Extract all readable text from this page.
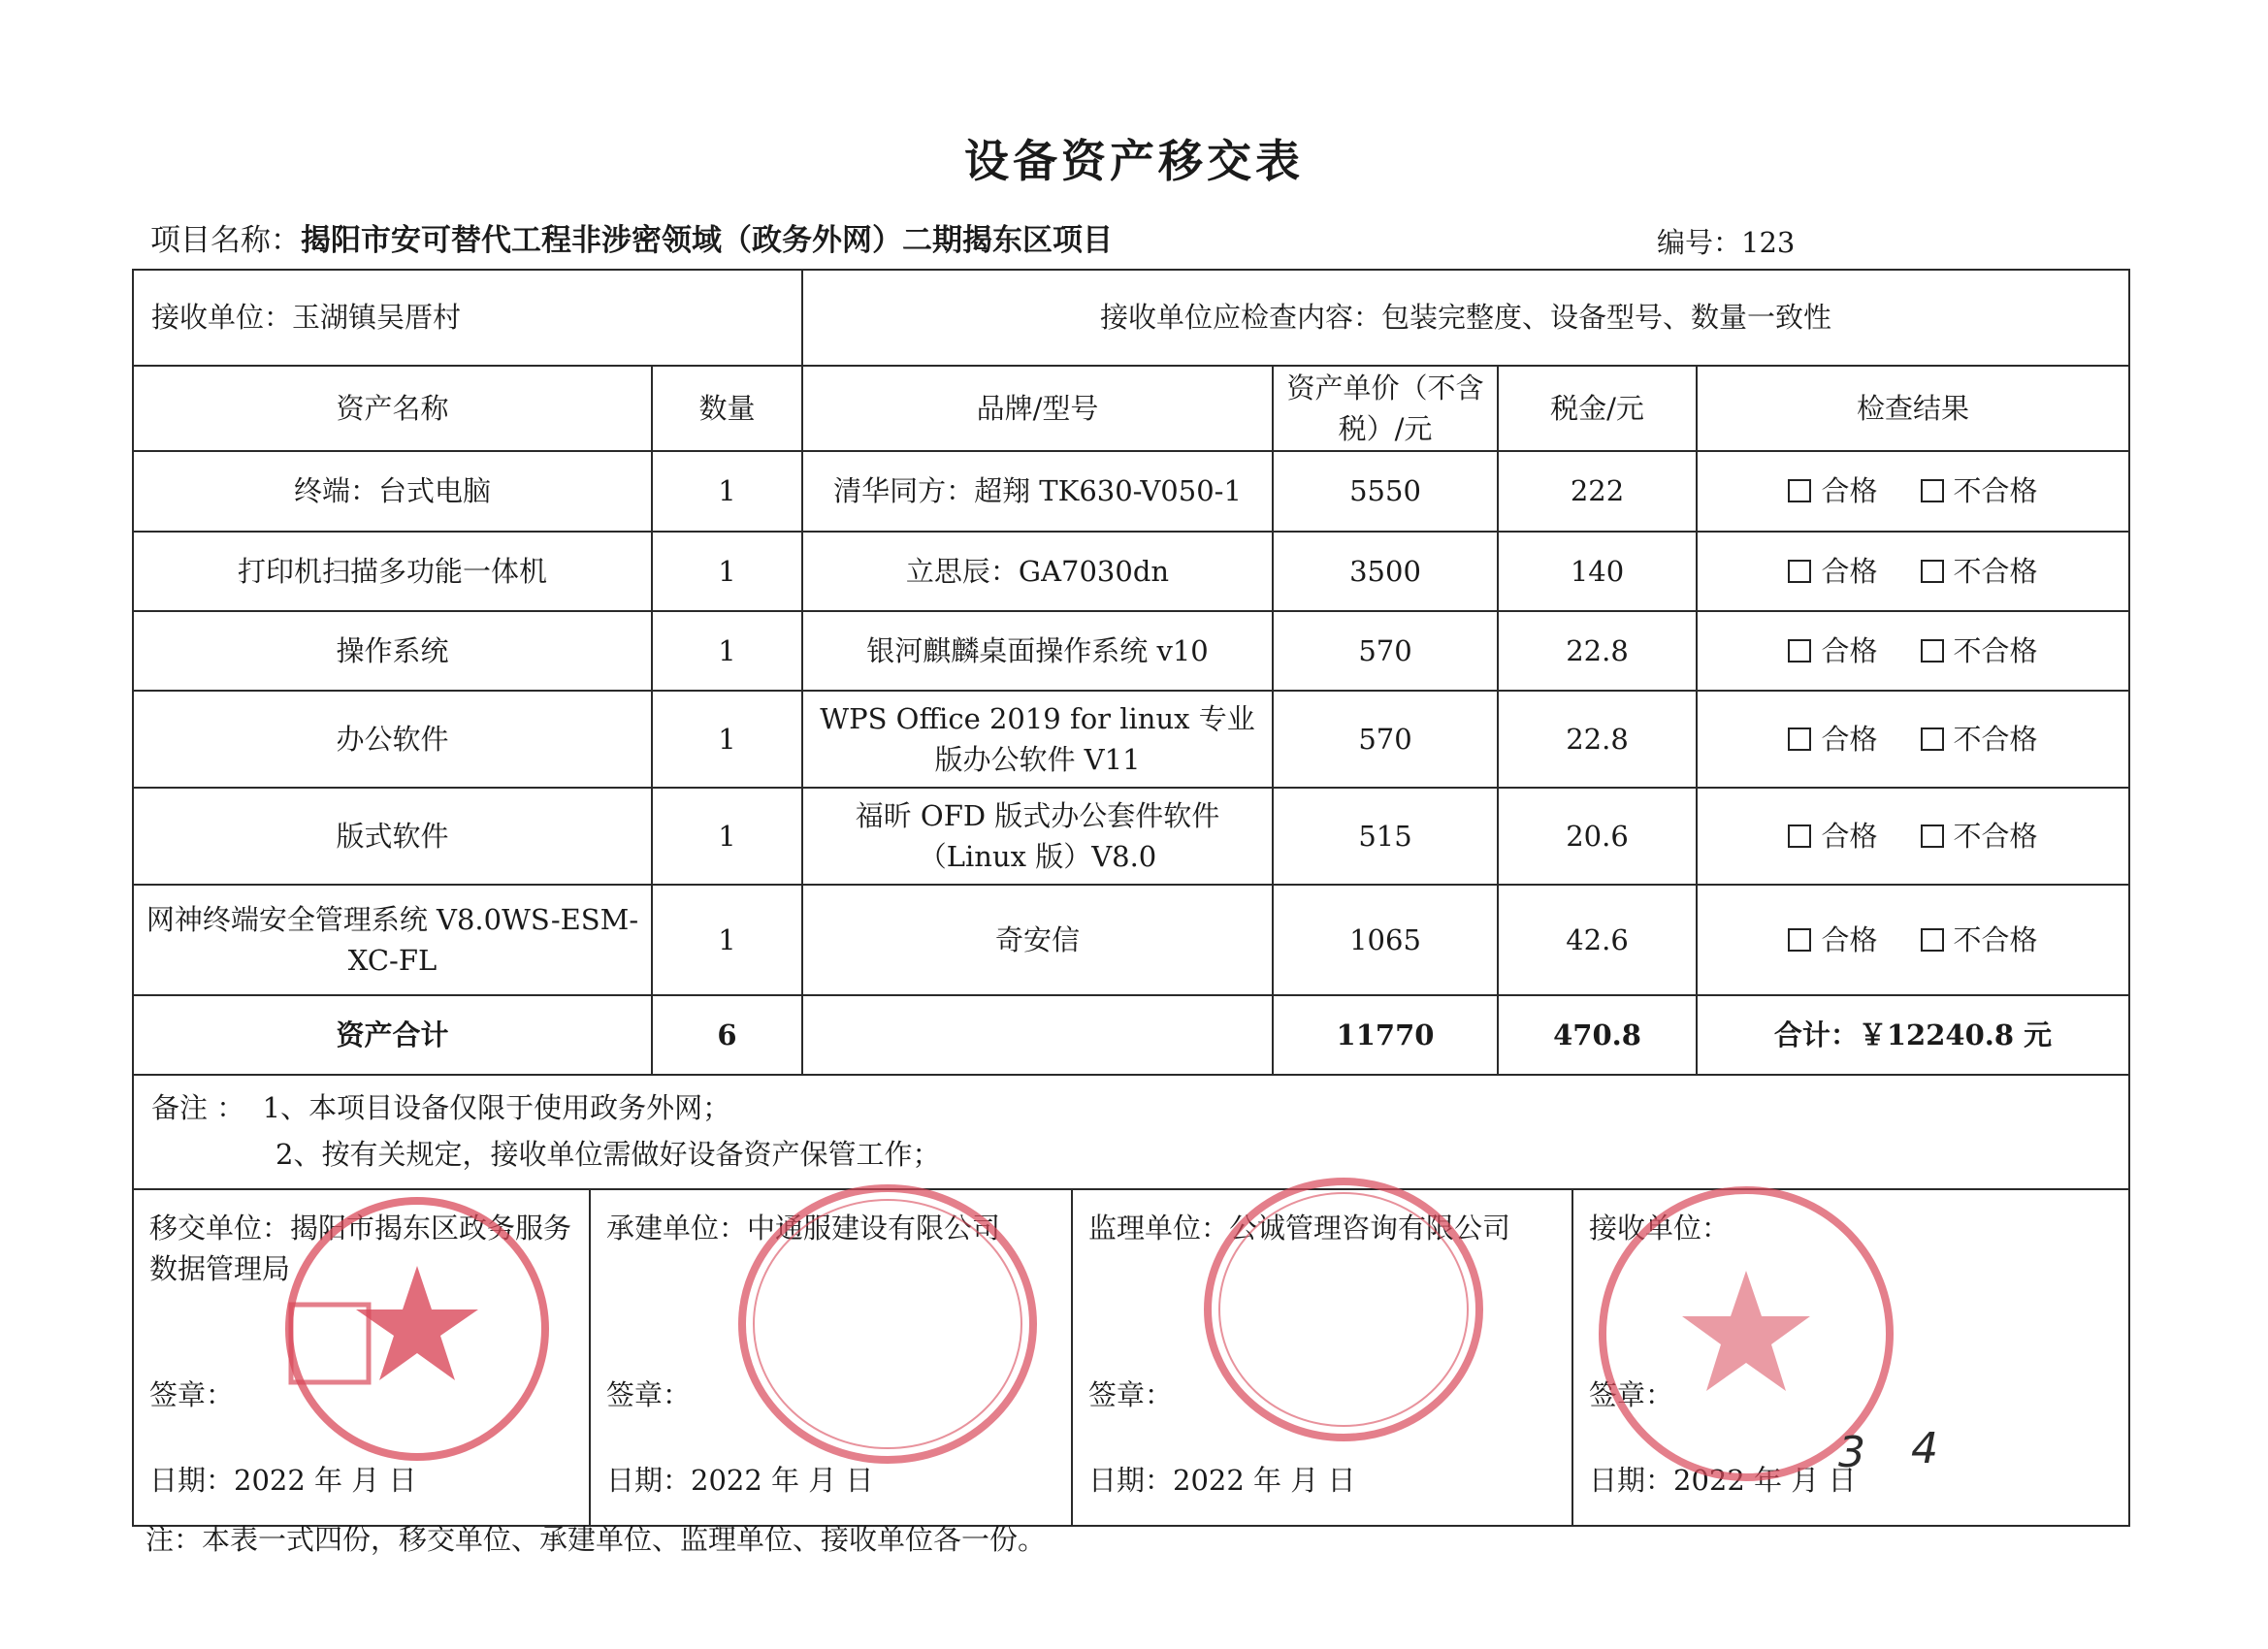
设备资产移交表
项目名称：揭阳市安可替代工程非涉密领域（政务外网）二期揭东区项目	编号：123
接收单位：玉湖镇吴厝村	接收单位应检查内容：包装完整度、设备型号、数量一致性
资产名称	数量	品牌/型号	资产单价（不含税）/元	税金/元	检查结果
终端：台式电脑	1	清华同方：超翔 TK630-V050-1	5550	222	合格	不合格
打印机扫描多功能一体机	1	立思辰：GA7030dn	3500	140	合格	不合格
操作系统	1	银河麒麟桌面操作系统 v10	570	22.8	合格	不合格
办公软件	1	WPS Office 2019 for linux 专业版办公软件 V11	570	22.8	合格	不合格
版式软件	1	福昕 OFD 版式办公套件软件（Linux 版）V8.0	515	20.6	合格	不合格
网神终端安全管理系统 V8.0WS-ESM-XC-FL	1	奇安信	1065	42.6	合格	不合格
资产合计	6		11770	470.8	合计：￥12240.8 元

备注 ： 1、本项目设备仅限于使用政务外网；
2、按有关规定，接收单位需做好设备资产保管工作；

移交单位：揭阳市揭东区政务服务数据管理局
签章：
日期：2022 年 月 日

承建单位：中通服建设有限公司
签章：
日期：2022 年 月 日

监理单位：公诚管理咨询有限公司
签章：
日期：2022 年 月 日

接收单位：
签章：
日期：2022 年 月 日
3 4
注：本表一式四份，移交单位、承建单位、监理单位、接收单位各一份。
